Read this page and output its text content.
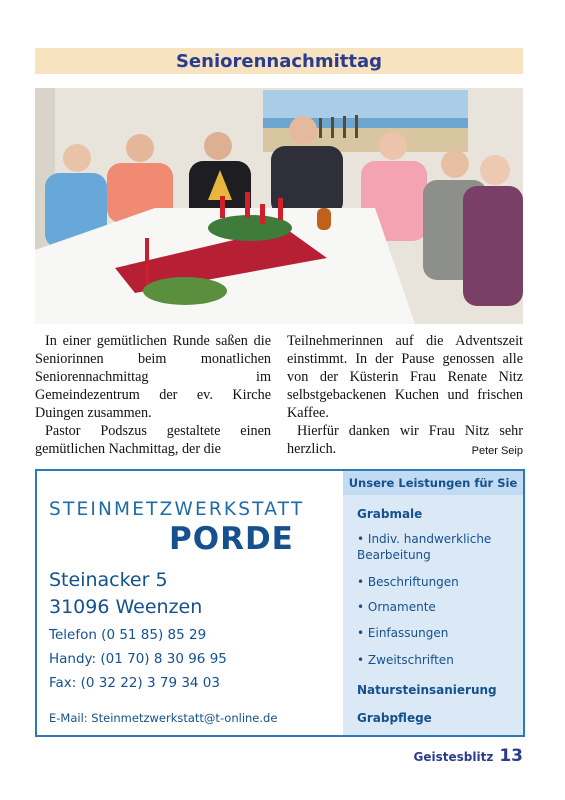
Seniorennachmittag

In einer gemütlichen Runde saßen die Seniorinnen beim monatlichen Seniorennachmittag im Gemeindezentrum der ev. Kirche Duingen zusammen.

Pastor Podszus gestaltete einen gemütlichen Nachmittag, der die

Teilnehmerinnen auf die Adventszeit einstimmt. In der Pause genossen alle von der Küsterin Frau Renate Nitz selbstgebackenen Kuchen und frischen Kaffee.

Hierfür danken wir Frau Nitz sehr herzlich.	Peter Seip

STEINMETZWERKSTATT
PORDE
Steinacker 5
31096 Weenzen
Telefon (0 51 85) 85 29
Handy: (01 70) 8 30 96 95
Fax: (0 32 22) 3 79 34 03
E-Mail: Steinmetzwerkstatt@t-online.de
Unsere Leistungen für Sie
Grabmale
• Indiv. handwerkliche Bearbeitung
• Beschriftungen
• Ornamente
• Einfassungen
• Zweitschriften
Natursteinsanierung
Grabpflege
Geistesblitz 13
